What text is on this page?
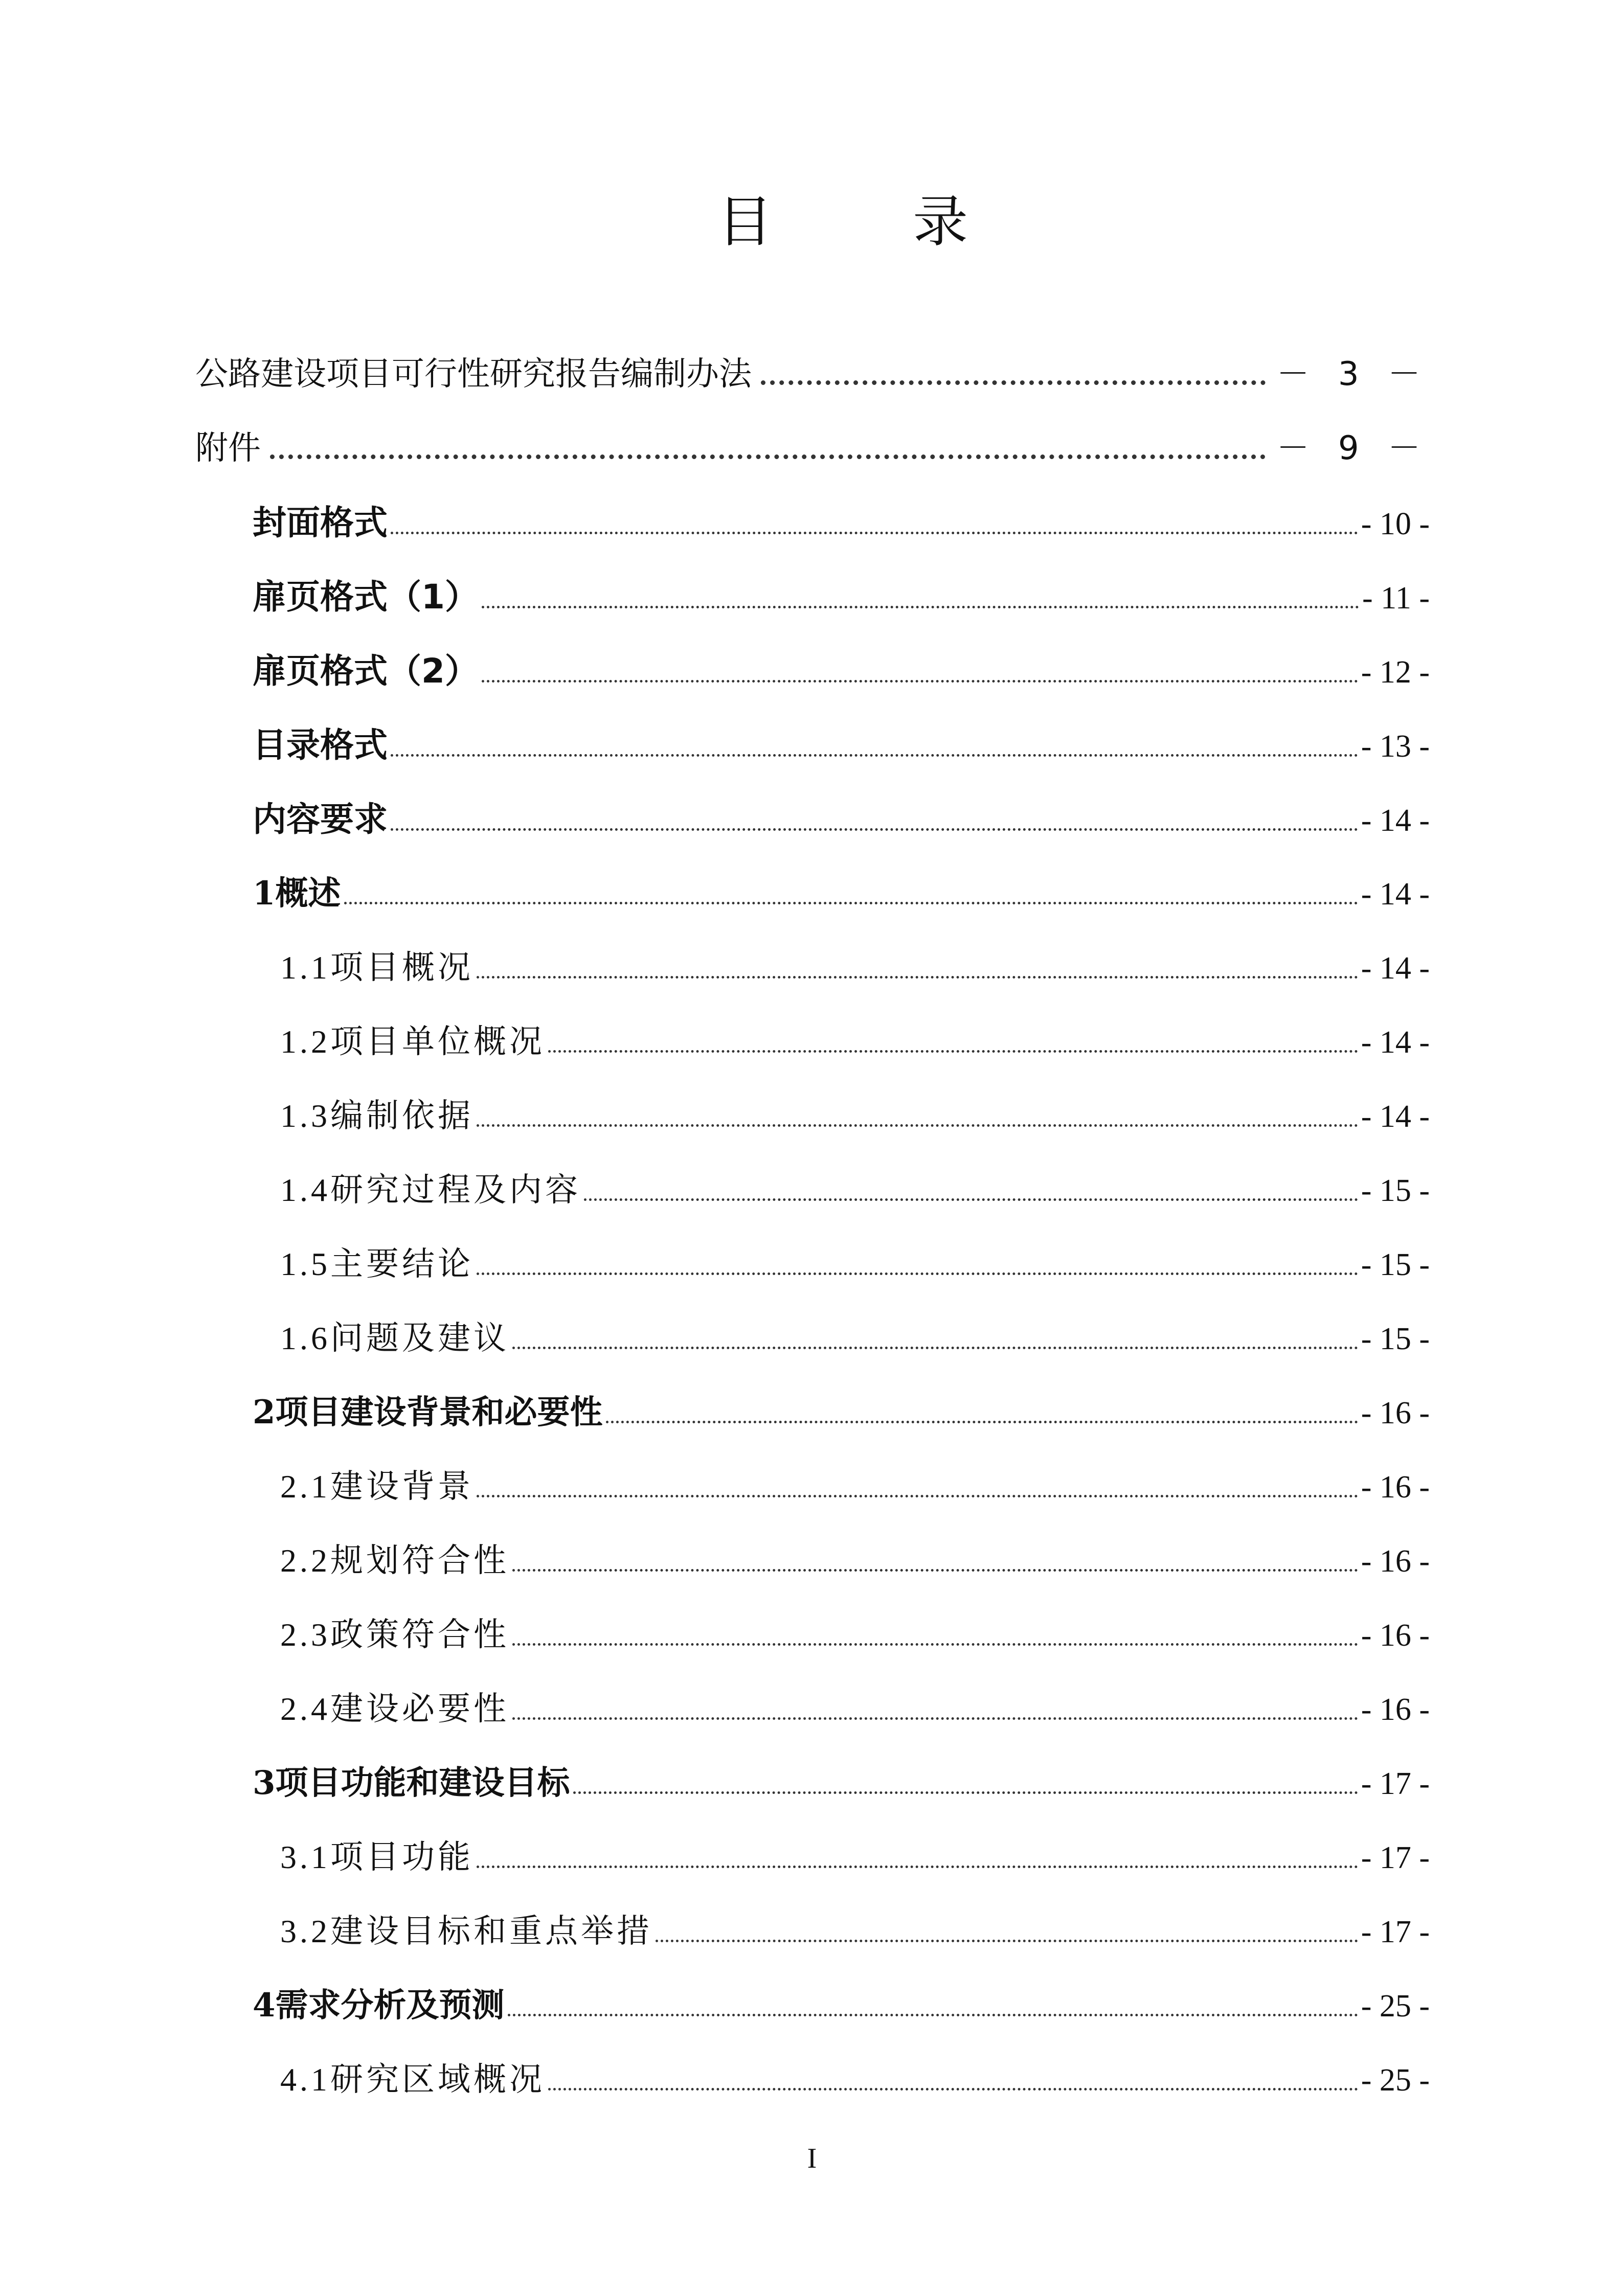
目 录
公路建设项目可行性研究报告编制办法	－ 3 －
附件	－ 9 －
封面格式	- 10 -
扉页格式（1）	- 11 -
扉页格式（2）	- 12 -
目录格式	- 13 -
内容要求	- 14 -
1概述	- 14 -
1.1项目概况	- 14 -
1.2项目单位概况	- 14 -
1.3编制依据	- 14 -
1.4研究过程及内容	- 15 -
1.5主要结论	- 15 -
1.6问题及建议	- 15 -
2项目建设背景和必要性	- 16 -
2.1建设背景	- 16 -
2.2规划符合性	- 16 -
2.3政策符合性	- 16 -
2.4建设必要性	- 16 -
3项目功能和建设目标	- 17 -
3.1项目功能	- 17 -
3.2建设目标和重点举措	- 17 -
4需求分析及预测	- 25 -
4.1研究区域概况	- 25 -
I
